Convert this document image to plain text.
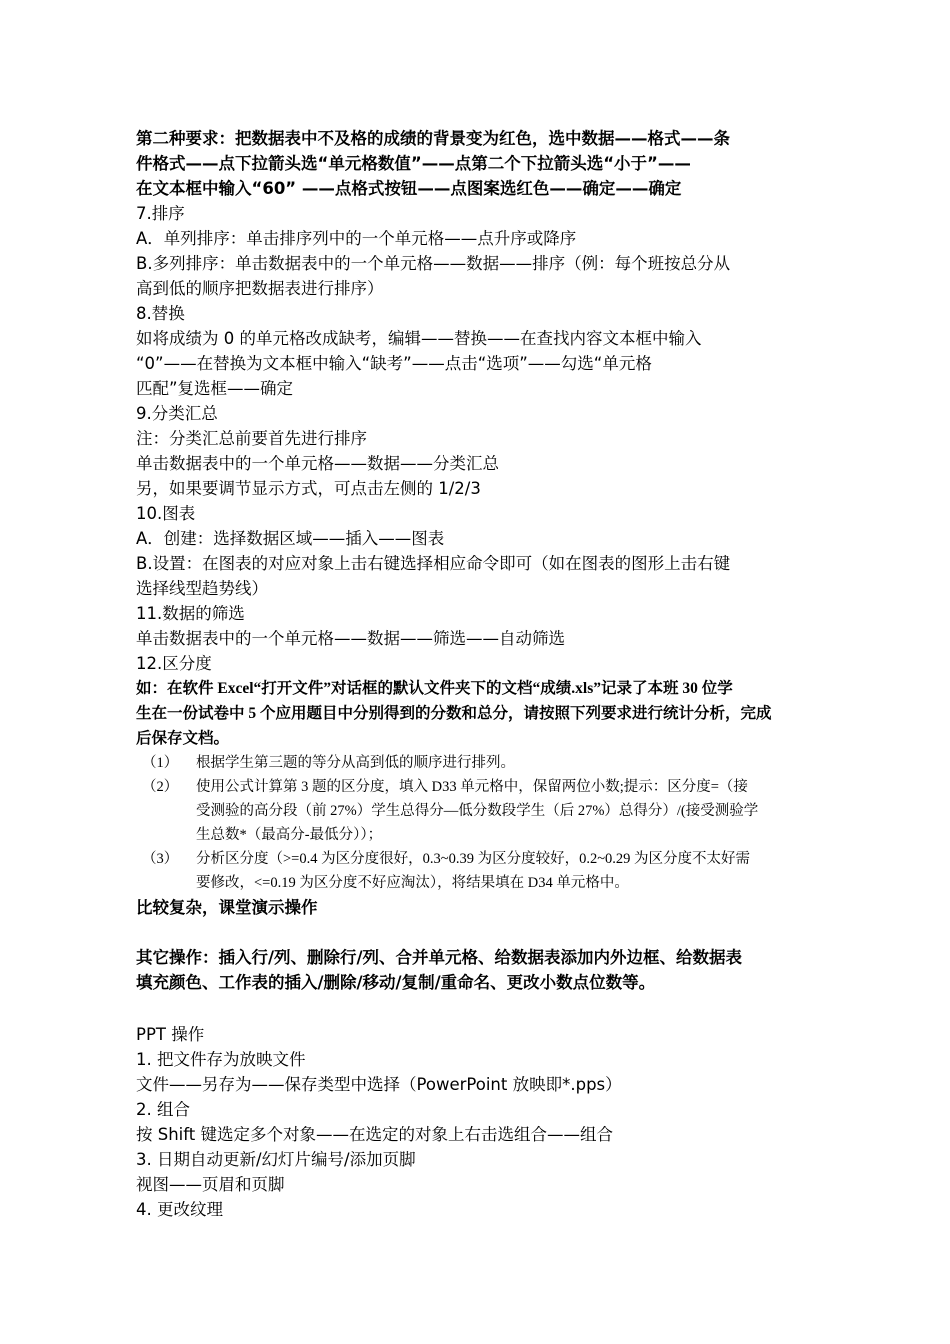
第二种要求：把数据表中不及格的成绩的背景变为红色，选中数据——格式——条
件格式——点下拉箭头选“单元格数值”——点第二个下拉箭头选“小于”——
在文本框中输入“60” ——点格式按钮——点图案选红色——确定——确定
7.排序
A．单列排序：单击排序列中的一个单元格——点升序或降序
B.多列排序：单击数据表中的一个单元格——数据——排序（例：每个班按总分从
高到低的顺序把数据表进行排序）
8.替换
如将成绩为 0 的单元格改成缺考，编辑——替换——在查找内容文本框中输入
“0”——在替换为文本框中输入“缺考”——点击“选项”——勾选“单元格
匹配”复选框——确定
9.分类汇总
注：分类汇总前要首先进行排序
单击数据表中的一个单元格——数据——分类汇总
另，如果要调节显示方式，可点击左侧的 1/2/3
10.图表
A．创建：选择数据区域——插入——图表
B.设置：在图表的对应对象上击右键选择相应命令即可（如在图表的图形上击右键
选择线型趋势线）
11.数据的筛选
单击数据表中的一个单元格——数据——筛选——自动筛选
12.区分度
如：在软件 Excel“打开文件”对话框的默认文件夹下的文档“成绩.xls”记录了本班 30 位学
生在一份试卷中 5 个应用题目中分别得到的分数和总分，请按照下列要求进行统计分析，完成
后保存文档。
（1）	根据学生第三题的等分从高到低的顺序进行排列。
（2）	使用公式计算第 3 题的区分度，填入 D33 单元格中，保留两位小数;提示：区分度=（接
受测验的高分段（前 27%）学生总得分—低分数段学生（后 27%）总得分）/(接受测验学
生总数*（最高分-最低分））；
（3）	分析区分度（>=0.4 为区分度很好，0.3~0.39 为区分度较好，0.2~0.29 为区分度不太好需
要修改，<=0.19 为区分度不好应淘汰），将结果填在 D34 单元格中。
比较复杂，课堂演示操作
其它操作：插入行/列、删除行/列、合并单元格、给数据表添加内外边框、给数据表
填充颜色、工作表的插入/删除/移动/复制/重命名、更改小数点位数等。
PPT 操作
1. 把文件存为放映文件
文件——另存为——保存类型中选择（PowerPoint 放映即*.pps）
2. 组合
按 Shift 键选定多个对象——在选定的对象上右击选组合——组合
3. 日期自动更新/幻灯片编号/添加页脚
视图——页眉和页脚
4. 更改纹理
